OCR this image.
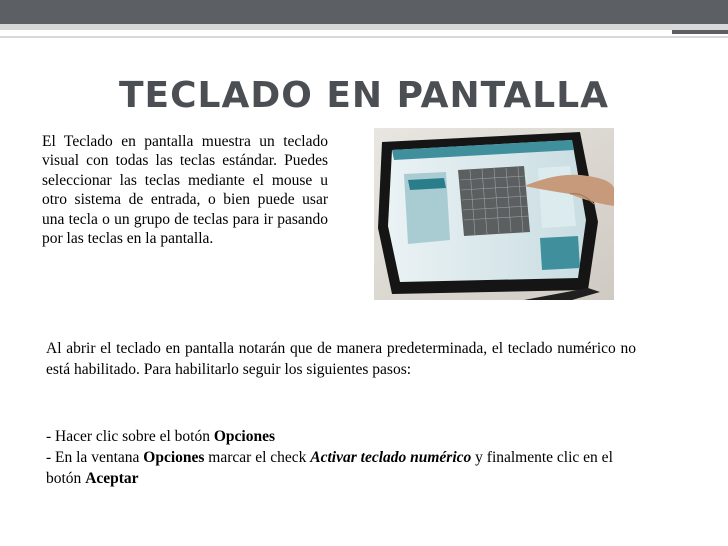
TECLADO EN PANTALLA

El Teclado en pantalla muestra un teclado visual con todas las teclas estándar. Puedes seleccionar las teclas mediante el mouse u otro sistema de entrada, o bien puede usar una tecla o un grupo de teclas para ir pasando por las teclas en la pantalla.

Al abrir el teclado en pantalla notarán que de manera predeterminada, el teclado numérico no está habilitado. Para habilitarlo seguir los siguientes pasos:

- Hacer clic sobre el botón Opciones

- En la ventana Opciones marcar el check Activar teclado numérico y finalmente clic en el botón Aceptar
